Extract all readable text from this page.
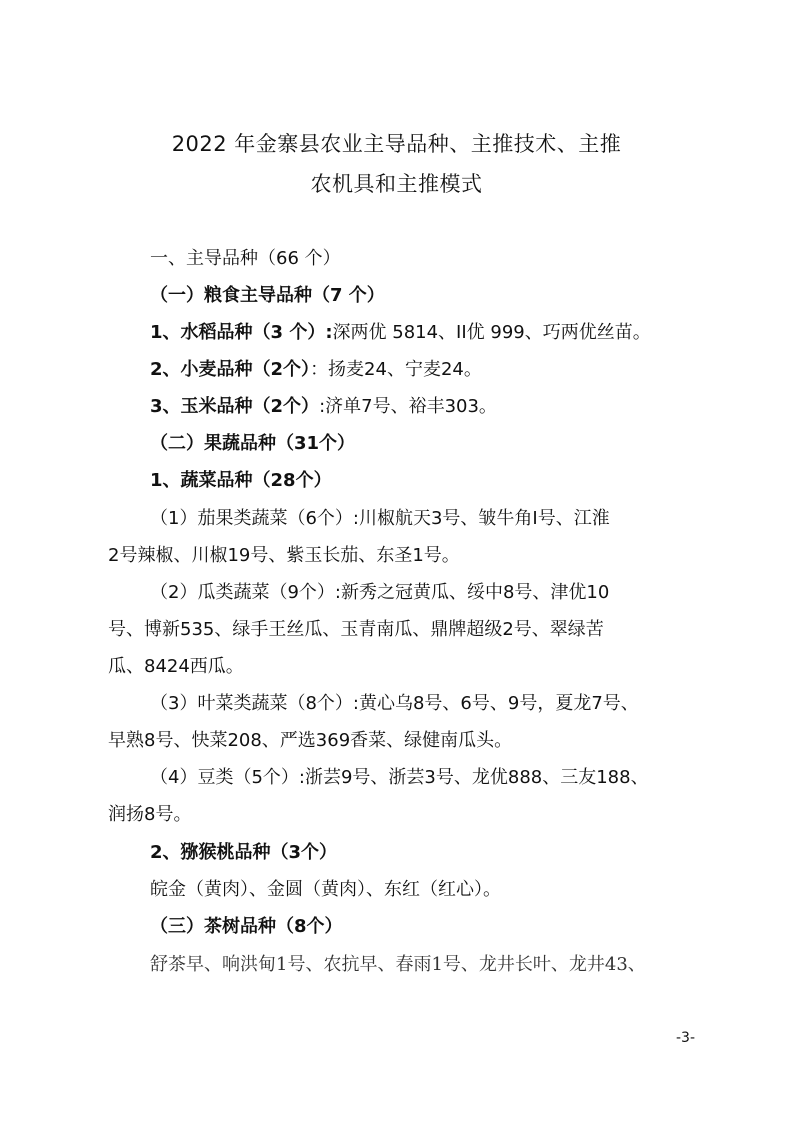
2022 年金寨县农业主导品种、主推技术、主推
农机具和主推模式
一、主导品种（66 个）
（一）粮食主导品种（7 个）
1、水稻品种（3 个）:深两优 5814、II优 999、巧两优丝苗。
2、小麦品种（2个）：扬麦24、宁麦24。
3、玉米品种（2个）:济单7号、裕丰303。
（二）果蔬品种（31个）
1、蔬菜品种（28个）
（1）茄果类蔬菜（6个）:川椒航天3号、皱牛角I号、江淮
2号辣椒、川椒19号、紫玉长茄、东圣1号。
（2）瓜类蔬菜（9个）:新秀之冠黄瓜、绥中8号、津优10
号、博新535、绿手王丝瓜、玉青南瓜、鼎牌超级2号、翠绿苦
瓜、8424西瓜。
（3）叶菜类蔬菜（8个）:黄心乌8号、6号、9号，夏龙7号、
早熟8号、快菜208、严选369香菜、绿健南瓜头。
（4）豆类（5个）:浙芸9号、浙芸3号、龙优888、三友188、
润扬8号。
2、猕猴桃品种（3个）
皖金（黄肉）、金圆（黄肉）、东红（红心）。
（三）茶树品种（8个）
舒茶早、响洪甸1号、农抗早、春雨1号、龙井长叶、龙井43、
-3-
